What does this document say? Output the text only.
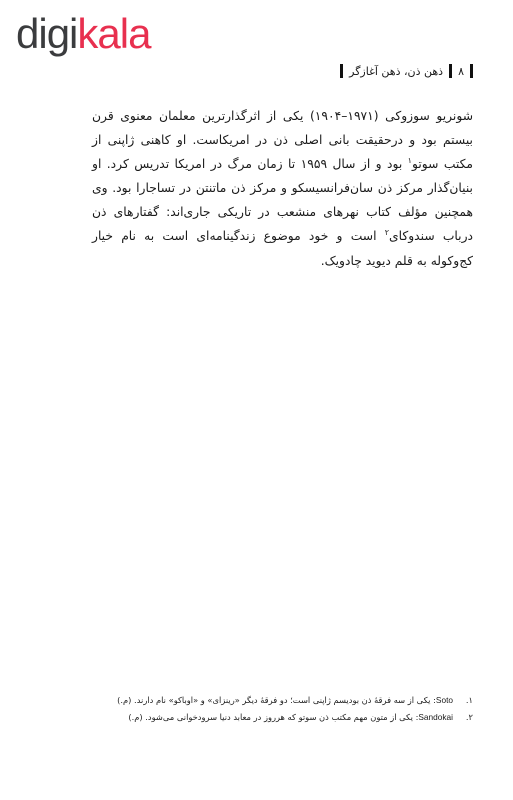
digikala
۸
ذهن ذن، ذهن آغازگر

شونریو سوزوکی (۱۹۷۱–۱۹۰۴) یکی از اثرگذارترین معلمان معنوی قرن بیستم بود و درحقیقت بانی اصلی ذن در امریکاست. او کاهنی ژاپنی از مکتب سوتو$^۱$ بود و از سال ۱۹۵۹ تا زمان مرگ در امریکا تدریس کرد. او بنیان‌گذار مرکز ذن سان‌فرانسیسکو و مرکز ذن ماتنتن در تساجارا بود. وی همچنین مؤلف کتاب نهرهای منشعب در تاریکی جاری‌اند: گفتارهای ذن درباب سندوکای$^۲$ است و خود موضوع زندگینامه‌ای است به نام خیار کج‌وکوله به قلم دیوید چادویک.

۱.
Soto: یکی از سه فرقهٔ ذن بودیسم ژاپنی است؛ دو فرقهٔ دیگر «رینزای» و «اوباکو» نام دارند. (م.)
۲.
Sandokai: یکی از متون مهم مکتب ذن سوتو که هرروز در معابد دنیا سرودخوانی می‌شود. (م.)
